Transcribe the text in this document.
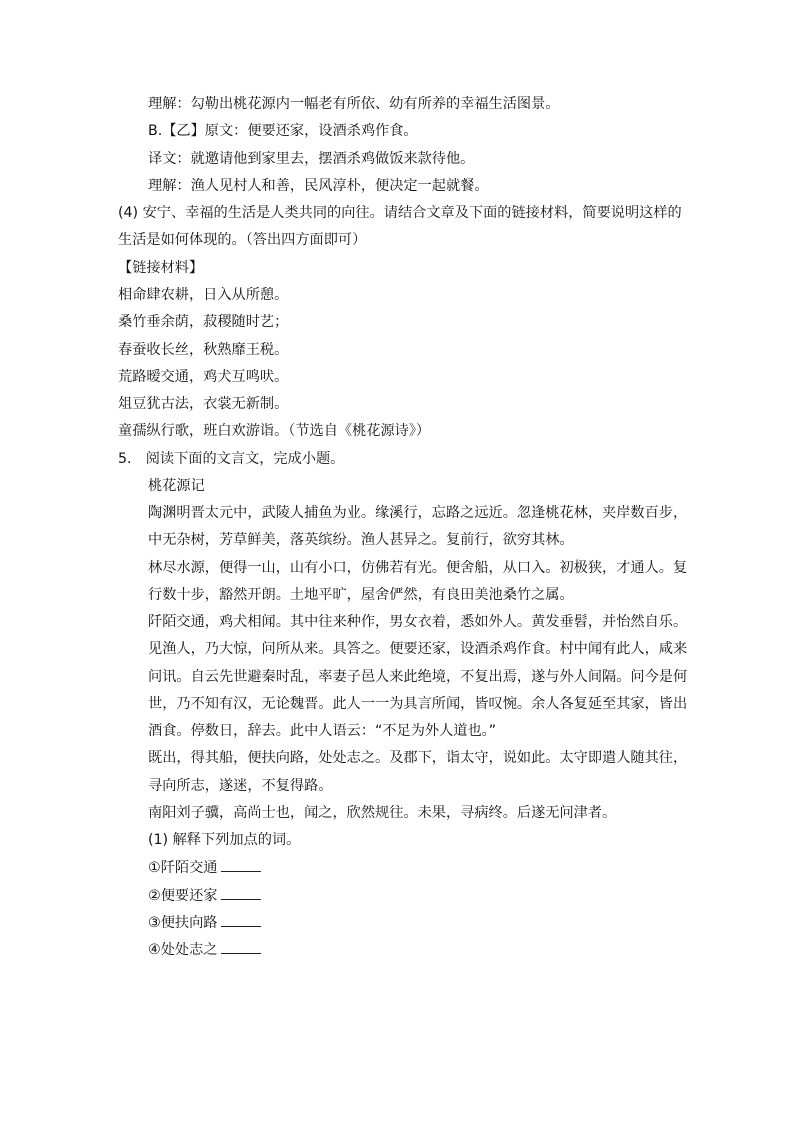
理解：勾勒出桃花源内一幅老有所依、幼有所养的幸福生活图景。
B.【乙】原文：便要还家，设酒杀鸡作食。
译文：就邀请他到家里去，摆酒杀鸡做饭来款待他。
理解：渔人见村人和善，民风淳朴，便决定一起就餐。
(4) 安宁、幸福的生活是人类共同的向往。请结合文章及下面的链接材料，简要说明这样的
生活是如何体现的。（答出四方面即可）
【链接材料】
相命肆农耕，日入从所憩。
桑竹垂余荫，菽稷随时艺；
春蚕收长丝，秋熟靡王税。
荒路暧交通，鸡犬互鸣吠。
俎豆犹古法，衣裳无新制。
童孺纵行歌，班白欢游诣。（节选自《桃花源诗》）
5.　阅读下面的文言文，完成小题。
桃花源记
陶渊明晋太元中，武陵人捕鱼为业。缘溪行，忘路之远近。忽逢桃花林，夹岸数百步，
中无杂树，芳草鲜美，落英缤纷。渔人甚异之。复前行，欲穷其林。
林尽水源，便得一山，山有小口，仿佛若有光。便舍船，从口入。初极狭，才通人。复
行数十步，豁然开朗。土地平旷，屋舍俨然，有良田美池桑竹之属。
阡陌交通，鸡犬相闻。其中往来种作，男女衣着，悉如外人。黄发垂髫，并怡然自乐。
见渔人，乃大惊，问所从来。具答之。便要还家，设酒杀鸡作食。村中闻有此人，咸来
问讯。自云先世避秦时乱，率妻子邑人来此绝境，不复出焉，遂与外人间隔。问今是何
世，乃不知有汉，无论魏晋。此人一一为具言所闻，皆叹惋。余人各复延至其家，皆出
酒食。停数日，辞去。此中人语云：“不足为外人道也。”
既出，得其船，便扶向路，处处志之。及郡下，诣太守，说如此。太守即遣人随其往，
寻向所志，遂迷，不复得路。
南阳刘子骥，高尚士也，闻之，欣然规往。未果，寻病终。后遂无问津者。
(1) 解释下列加点的词。
①阡陌交通
②便要还家
③便扶向路
④处处志之
